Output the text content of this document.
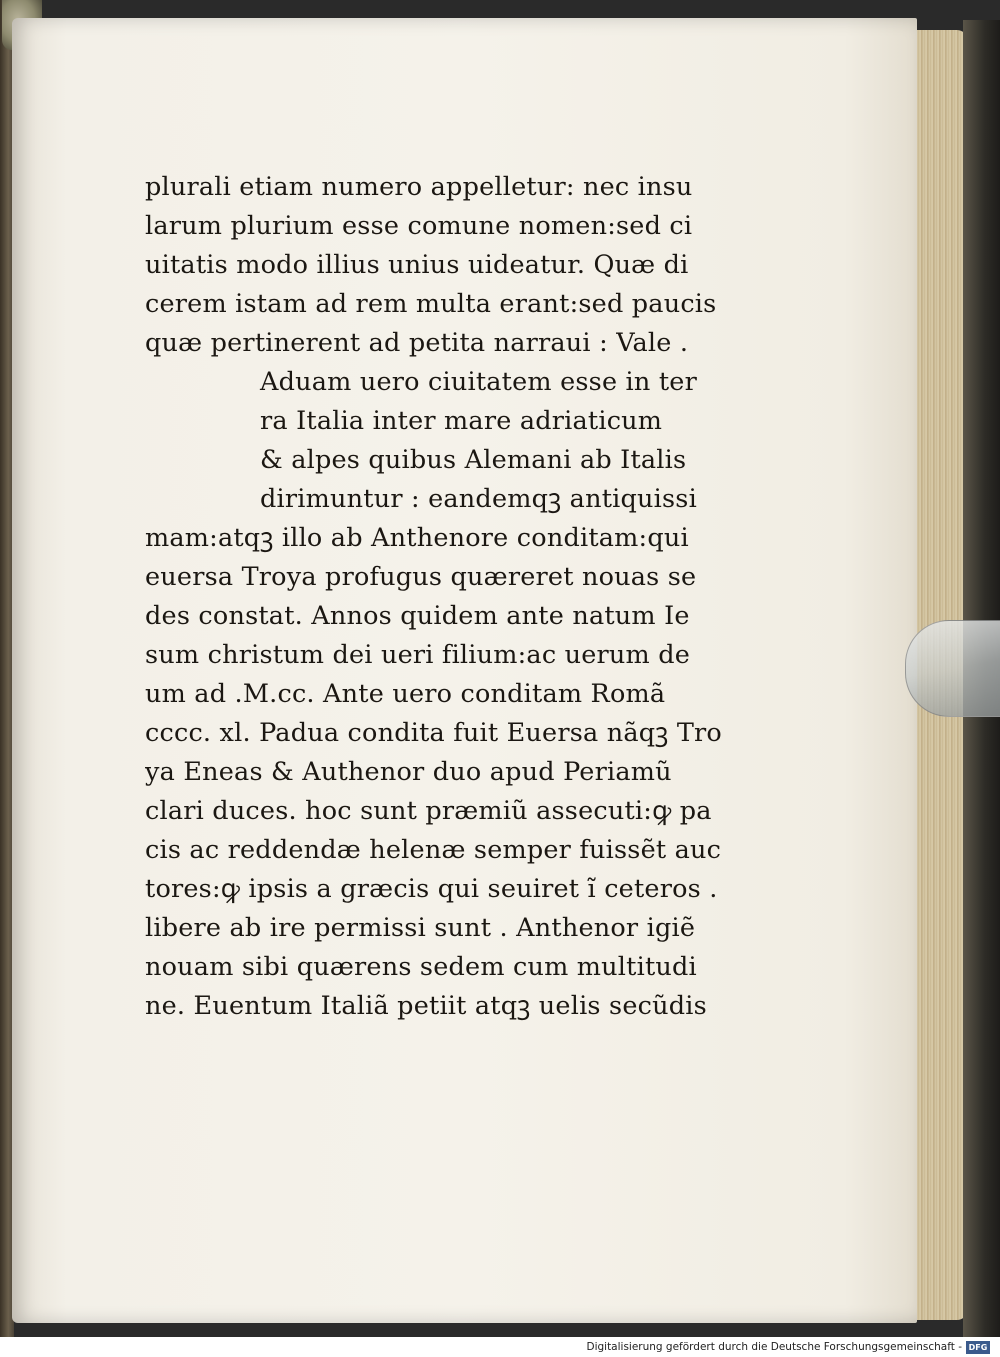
plurali etiam numero appelletur: nec insu
larum plurium esse comune nomen:sed ci
uitatis modo illius unius uideatur. Quæ di
cerem istam ad rem multa erant:sed paucis
quæ pertinerent ad petita narraui : Vale .
Aduam uero ciuitatem esse in ter
ra Italia inter mare adriaticum
& alpes quibus Alemani ab Italis
dirimuntur : eandemqꝫ antiquissi
mam:atqꝫ illo ab Anthenore conditam:qui
euersa Troya profugus quæreret nouas se
des constat. Annos quidem ante natum Ie
sum christum dei ueri filium:ac uerum de
um ad .M.cc. Ante uero conditam Romã
cccc. xl. Padua condita fuit Euersa nãqꝫ Tro
ya Eneas & Authenor duo apud Periamũ
clari duces. hoc sunt præmiũ assecuti:ꝙ pa
cis ac reddendæ helenæ semper fuissẽt auc
tores:ꝙ ipsis a græcis qui seuiret ĩ ceteros .
libere ab ire permissi sunt . Anthenor igiẽ
nouam sibi quærens sedem cum multitudi
ne. Euentum Italiã petiit atqꝫ uelis secũdis
Digitalisierung gefördert durch die Deutsche Forschungsgemeinschaft - DFG
